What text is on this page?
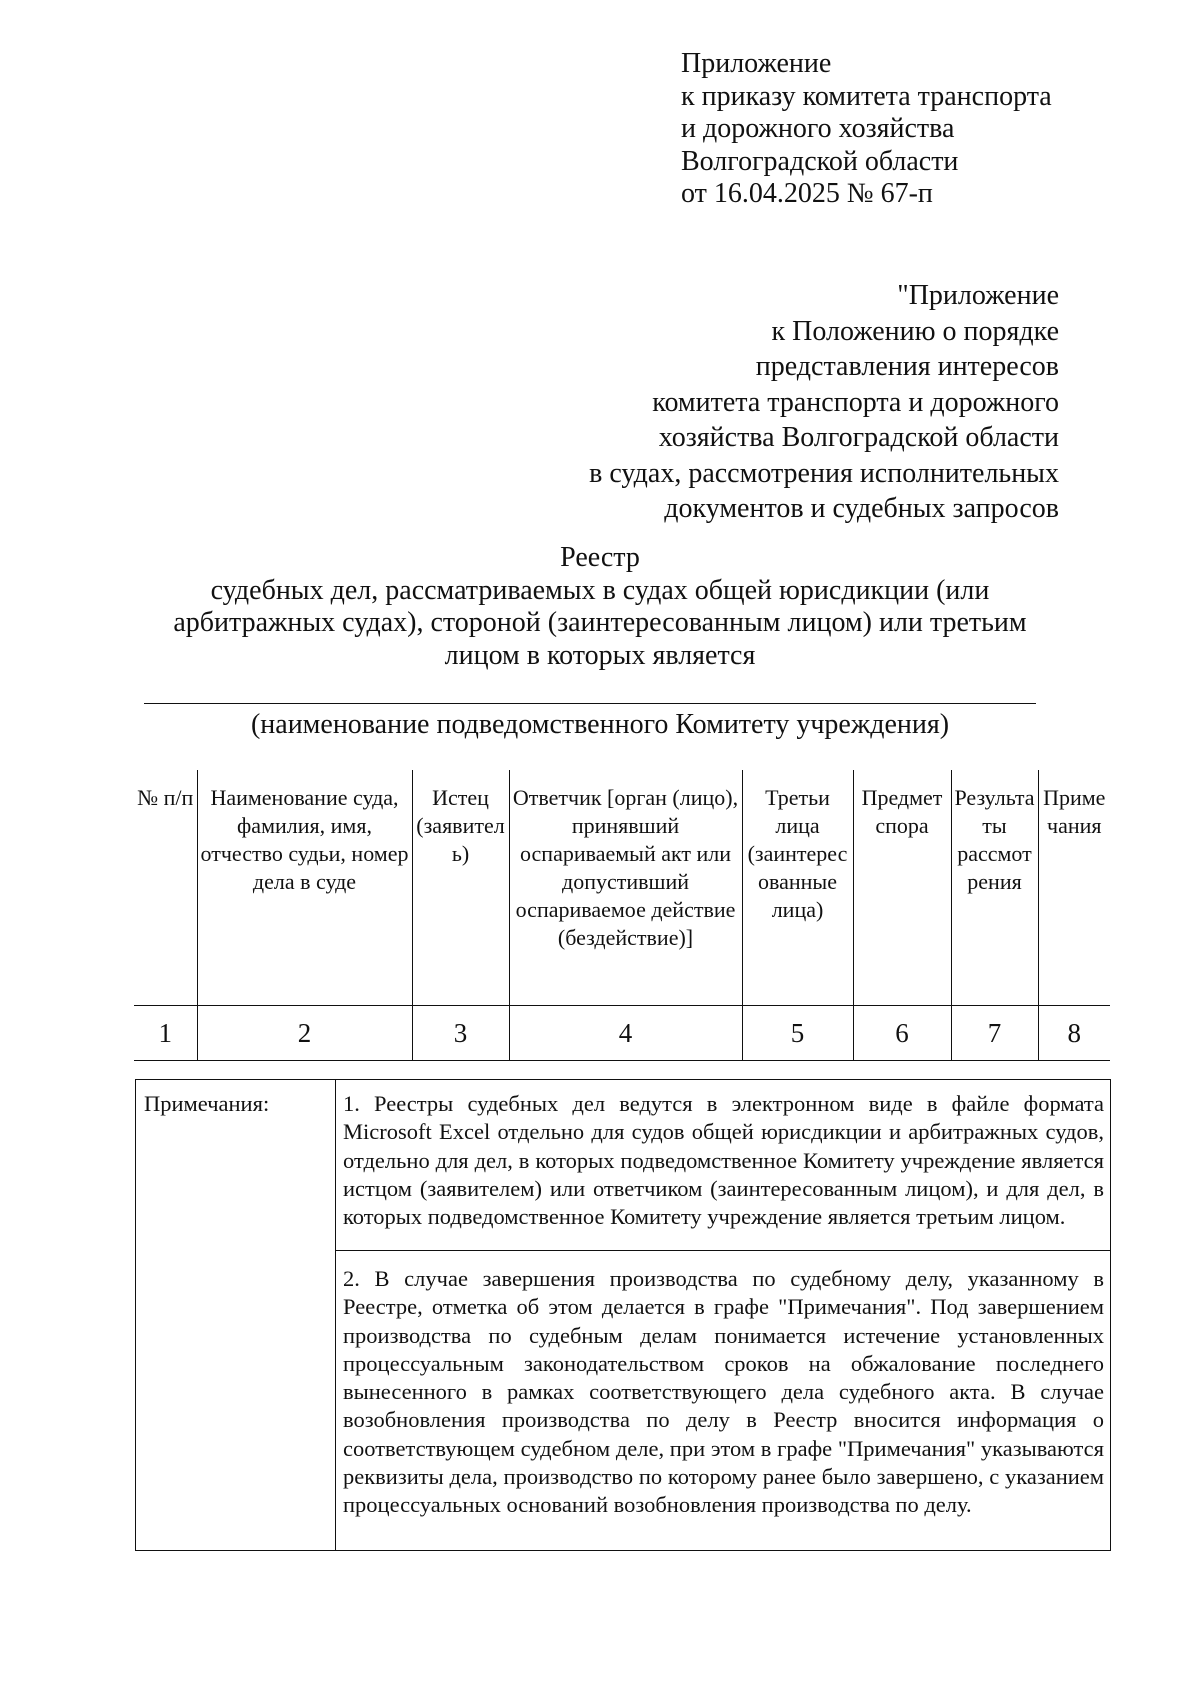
Приложение
к приказу комитета транспорта
и дорожного хозяйства
Волгоградской области
от 16.04.2025 № 67-п
"Приложение
к Положению о порядке
представления интересов
комитета транспорта и дорожного
хозяйства Волгоградской области
в судах, рассмотрения исполнительных
документов и судебных запросов
Реестр
судебных дел, рассматриваемых в судах общей юрисдикции (или
арбитражных судах), стороной (заинтересованным лицом) или третьим
лицом в которых является
(наименование подведомственного Комитету учреждения)
№ п/п	Наименование суда, фамилия, имя, отчество судьи, номер дела в суде	Истец (заявитель)	Ответчик [орган (лицо), принявший оспариваемый акт или допустивший оспариваемое действие (бездействие)]	Третьи лица (заинтересованные лица)	Предмет спора	Результаты рассмотрения	Примечания
1	2	3	4	5	6	7	8
Примечания:	1. Реестры судебных дел ведутся в электронном виде в файле формата Microsoft Excel отдельно для судов общей юрисдикции и арбитражных судов, отдельно для дел, в которых подведомственное Комитету учреждение является истцом (заявителем) или ответчиком (заинтересованным лицом), и для дел, в которых подведомственное Комитету учреждение является третьим лицом.
2. В случае завершения производства по судебному делу, указанному в Реестре, отметка об этом делается в графе "Примечания". Под завершением производства по судебным делам понимается истечение установленных процессуальным законодательством сроков на обжалование последнего вынесенного в рамках соответствующего дела судебного акта. В случае возобновления производства по делу в Реестр вносится информация о соответствующем судебном деле, при этом в графе "Примечания" указываются реквизиты дела, производство по которому ранее было завершено, с указанием процессуальных оснований возобновления производства по делу.
